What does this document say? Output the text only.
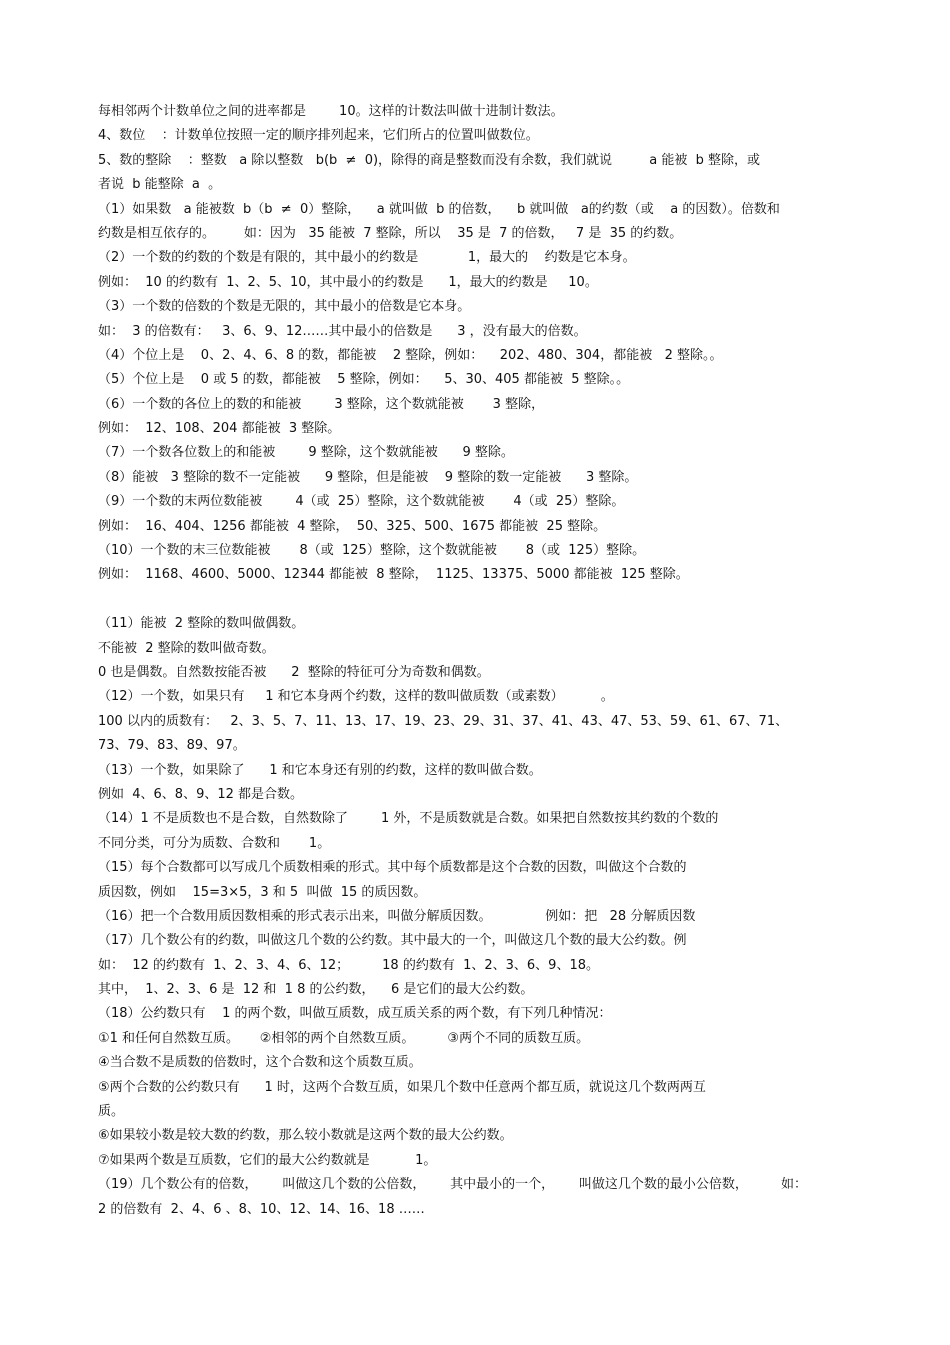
每相邻两个计数单位之间的进率都是        10。这样的计数法叫做十进制计数法。
4、数位    ：计数单位按照一定的顺序排列起来，它们所占的位置叫做数位。
5、数的整除    ：整数   a 除以整数   b(b  ≠  0)，除得的商是整数而没有余数，我们就说         a 能被  b 整除，或
者说  b 能整除  a  。
（1）如果数   a 能被数  b（b  ≠  0）整除，    a 就叫做  b 的倍数，    b 就叫做   a的约数（或    a 的因数）。倍数和
约数是相互依存的。       如：因为   35 能被  7 整除，所以    35 是  7 的倍数，   7 是  35 的约数。
（2）一个数的约数的个数是有限的，其中最小的约数是            1，最大的    约数是它本身。
例如：  10 的约数有  1、2、5、10，其中最小的约数是      1，最大的约数是     10。
（3）一个数的倍数的个数是无限的，其中最小的倍数是它本身。
如：  3 的倍数有：   3、6、9、12……其中最小的倍数是      3 ，没有最大的倍数。
（4）个位上是    0、2、4、6、8 的数，都能被    2 整除，例如：    202、480、304，都能被   2 整除。。
（5）个位上是    0 或 5 的数，都能被    5 整除，例如：    5、30、405 都能被  5 整除。。
（6）一个数的各位上的数的和能被        3 整除，这个数就能被       3 整除，
例如：  12、108、204 都能被  3 整除。
（7）一个数各位数上的和能被        9 整除，这个数就能被      9 整除。
（8）能被   3 整除的数不一定能被      9 整除，但是能被    9 整除的数一定能被      3 整除。
（9）一个数的末两位数能被        4（或  25）整除，这个数就能被       4（或  25）整除。
例如：  16、404、1256 都能被  4 整除，  50、325、500、1675 都能被  25 整除。
（10）一个数的末三位数能被       8（或  125）整除，这个数就能被       8（或  125）整除。
例如：  1168、4600、5000、12344 都能被  8 整除，  1125、13375、5000 都能被  125 整除。
（11）能被  2 整除的数叫做偶数。
不能被  2 整除的数叫做奇数。
0 也是偶数。自然数按能否被      2  整除的特征可分为奇数和偶数。
（12）一个数，如果只有     1 和它本身两个约数，这样的数叫做质数（或素数）         。
100 以内的质数有：   2、3、5、7、11、13、17、19、23、29、31、37、41、43、47、53、59、61、67、71、
73、79、83、89、97。
（13）一个数，如果除了      1 和它本身还有别的约数，这样的数叫做合数。
例如  4、6、8、9、12 都是合数。
（14）1 不是质数也不是合数，自然数除了        1 外，不是质数就是合数。如果把自然数按其约数的个数的
不同分类，可分为质数、合数和       1。
（15）每个合数都可以写成几个质数相乘的形式。其中每个质数都是这个合数的因数，叫做这个合数的
质因数，例如    15=3×5，3 和 5  叫做  15 的质因数。
（16）把一个合数用质因数相乘的形式表示出来，叫做分解质因数。             例如：把   28 分解质因数
（17）几个数公有的约数，叫做这几个数的公约数。其中最大的一个，叫做这几个数的最大公约数。例
如：  12 的约数有  1、2、3、4、6、12；        18 的约数有  1、2、3、6、9、18。
其中，  1、2、3、6 是  12 和  1 8 的公约数，    6 是它们的最大公约数。
（18）公约数只有    1 的两个数，叫做互质数，成互质关系的两个数，有下列几种情况：
①1 和任何自然数互质。     ②相邻的两个自然数互质。        ③两个不同的质数互质。
④当合数不是质数的倍数时，这个合数和这个质数互质。
⑤两个合数的公约数只有      1 时，这两个合数互质，如果几个数中任意两个都互质，就说这几个数两两互
质。
⑥如果较小数是较大数的约数，那么较小数就是这两个数的最大公约数。
⑦如果两个数是互质数，它们的最大公约数就是           1。
（19）几个数公有的倍数，      叫做这几个数的公倍数，      其中最小的一个，      叫做这几个数的最小公倍数，        如：
2 的倍数有  2、4、6 、8、10、12、14、16、18 ……
